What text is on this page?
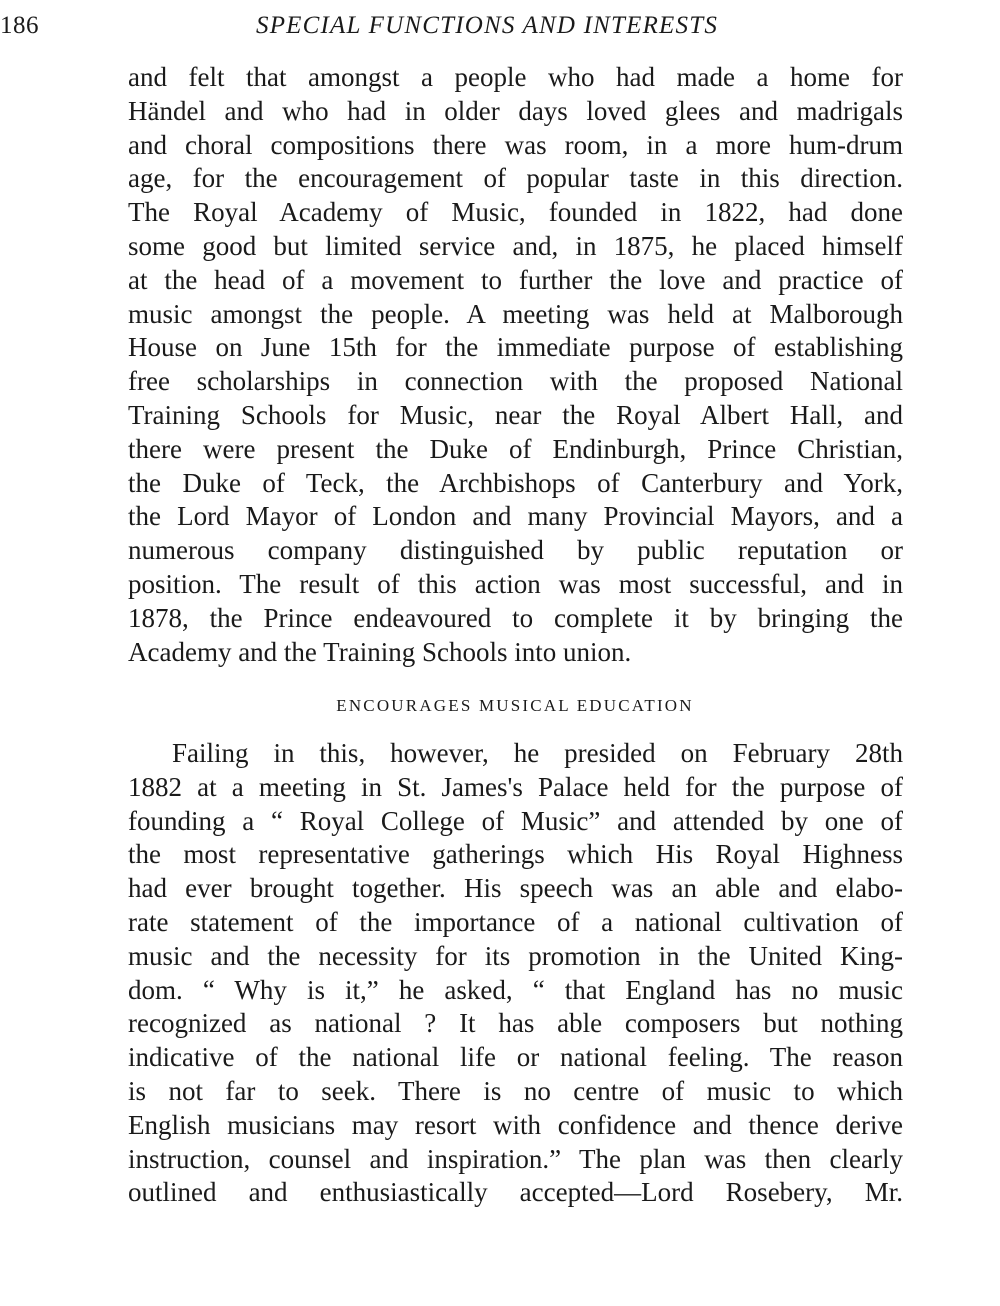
186	SPECIAL FUNCTIONS AND INTERESTS
and felt that amongst a people who had made a home for
Händel and who had in older days loved glees and madrigals
and choral compositions there was room, in a more hum-drum
age, for the encouragement of popular taste in this direction.
The Royal Academy of Music, founded in 1822, had done
some good but limited service and, in 1875, he placed himself
at the head of a movement to further the love and practice of
music amongst the people. A meeting was held at Malborough
House on June 15th for the immediate purpose of establishing
free scholarships in connection with the proposed National
Training Schools for Music, near the Royal Albert Hall, and
there were present the Duke of Endinburgh, Prince Christian,
the Duke of Teck, the Archbishops of Canterbury and York,
the Lord Mayor of London and many Provincial Mayors, and a
numerous company distinguished by public reputation or
position. The result of this action was most successful, and in
1878, the Prince endeavoured to complete it by bringing the
Academy and the Training Schools into union.
ENCOURAGES MUSICAL EDUCATION
Failing in this, however, he presided on February 28th
1882 at a meeting in St. James's Palace held for the purpose of
founding a “ Royal College of Music” and attended by one of
the most representative gatherings which His Royal Highness
had ever brought together. His speech was an able and elabo-
rate statement of the importance of a national cultivation of
music and the necessity for its promotion in the United King-
dom. “ Why is it,” he asked, “ that England has no music
recognized as national ? It has able composers but nothing
indicative of the national life or national feeling. The reason
is not far to seek. There is no centre of music to which
English musicians may resort with confidence and thence derive
instruction, counsel and inspiration.” The plan was then clearly
outlined and enthusiastically accepted—Lord Rosebery, Mr.
